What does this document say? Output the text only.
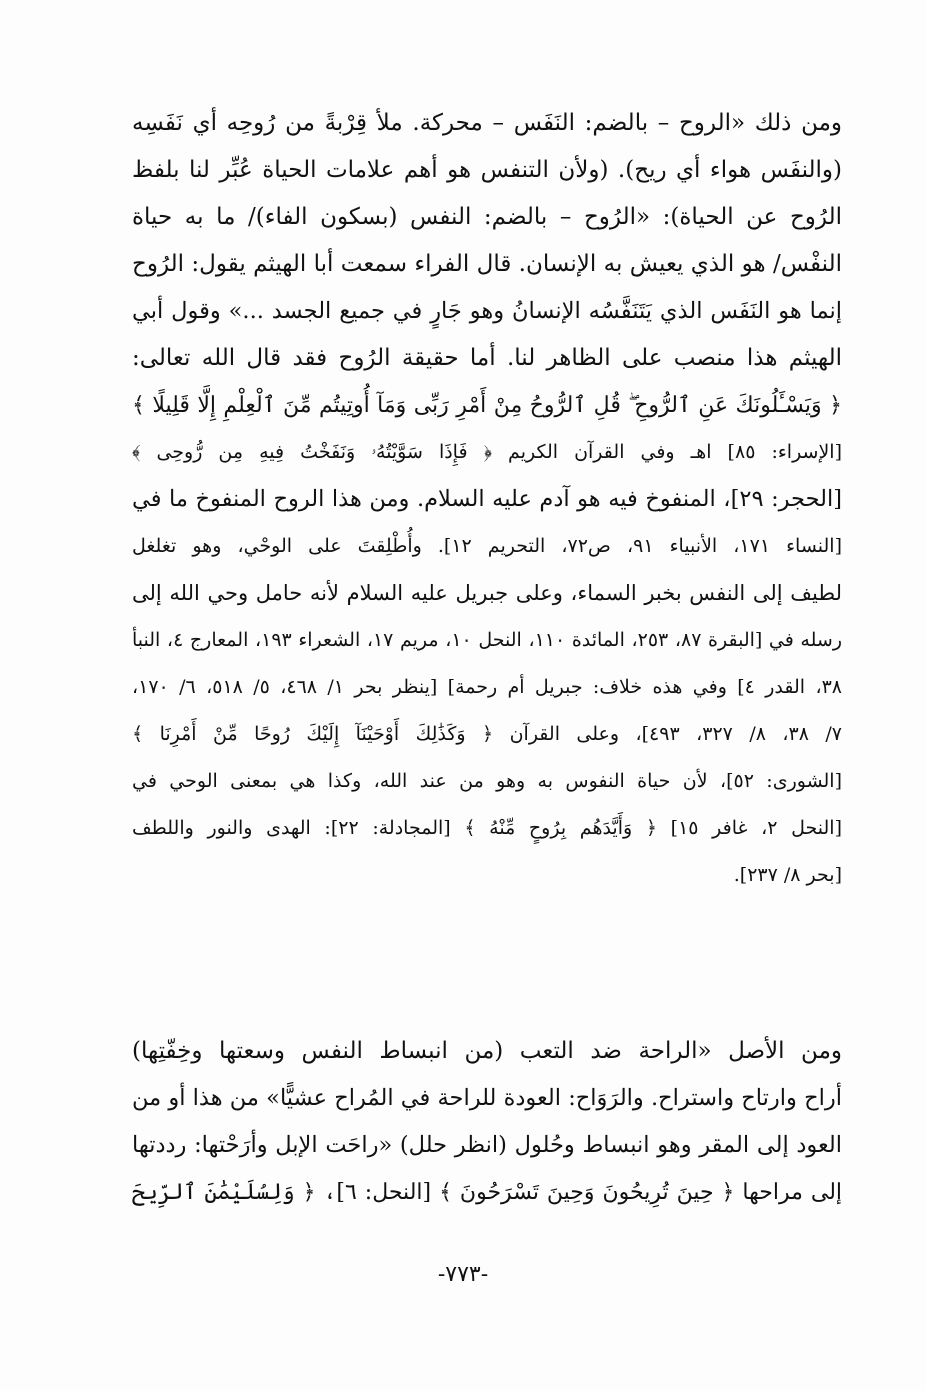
ومن ذلك «الروح – بالضم: النَفَس – محركة. ملأ قِرْبةً من رُوحِه أي نَفَسِه
(والنفَس هواء أي ريح). (ولأن التنفس هو أهم علامات الحياة عُبِّر لنا بلفظ
الرُوح عن الحياة): «الرُوح – بالضم: النفس (بسكون الفاء)/ ما به حياة
النفْس/ هو الذي يعيش به الإنسان. قال الفراء سمعت أبا الهيثم يقول: الرُوح
إنما هو النَفَس الذي يَتَنَفَّسُه الإنسانُ وهو جَارٍ في جميع الجسد ...» وقول أبي
الهيثم هذا منصب على الظاهر لنا. أما حقيقة الرُوح فقد قال الله تعالى:
﴿ وَيَسْـَٔلُونَكَ عَنِ ٱلرُّوحِ ۖ قُلِ ٱلرُّوحُ مِنْ أَمْرِ رَبِّى وَمَآ أُوتِيتُم مِّنَ ٱلْعِلْمِ إِلَّا قَلِيلًا ﴾
[الإسراء: ٨٥] اهـ وفي القرآن الكريم ﴿ فَإِذَا سَوَّيْتُهُۥ وَنَفَخْتُ فِيهِ مِن رُّوحِى ﴾
[الحجر: ٢٩]، المنفوخ فيه هو آدم عليه السلام. ومن هذا الروح المنفوخ ما في
[النساء ١٧١، الأنبياء ٩١، ص٧٢، التحريم ١٢]. وأُطْلِقتَ على الوحْي، وهو تغلغل
لطيف إلى النفس بخبر السماء، وعلى جبريل عليه السلام لأنه حامل وحي الله إلى
رسله في [البقرة ٨٧، ٢٥٣، المائدة ١١٠، النحل ١٠، مريم ١٧، الشعراء ١٩٣، المعارج ٤، النبأ
٣٨، القدر ٤] وفي هذه خلاف: جبريل أم رحمة] [ينظر بحر ١/ ٤٦٨، ٥/ ٥١٨، ٦/ ١٧٠،
٧/ ٣٨، ٨/ ٣٢٧، ٤٩٣]، وعلى القرآن ﴿ وَكَذَٰلِكَ أَوْحَيْنَآ إِلَيْكَ رُوحًا مِّنْ أَمْرِنَا ﴾
[الشورى: ٥٢]، لأن حياة النفوس به وهو من عند الله، وكذا هي بمعنى الوحي في
[النحل ٢، غافر ١٥] ﴿ وَأَيَّدَهُم بِرُوحٍ مِّنْهُ ﴾ [المجادلة: ٢٢]: الهدى والنور واللطف
[بحر ٨/ ٢٣٧].
ومن الأصل «الراحة ضد التعب (من انبساط النفس وسعتها وخِفّتِها)
أراح وارتاح واستراح. والرَوَاح: العودة للراحة في المُراح عشيًّا» من هذا أو من
العود إلى المقر وهو انبساط وحُلول (انظر حلل) «راحَت الإبل وأرَحْتها: رددتها
إلى مراحها ﴿ حِينَ تُرِيحُونَ وَحِينَ تَسْرَحُونَ ﴾ [النحل: ٦]، ﴿ وَلِسُلَيْمَٰنَ ٱلرِّيحَ
-٧٧٣-
